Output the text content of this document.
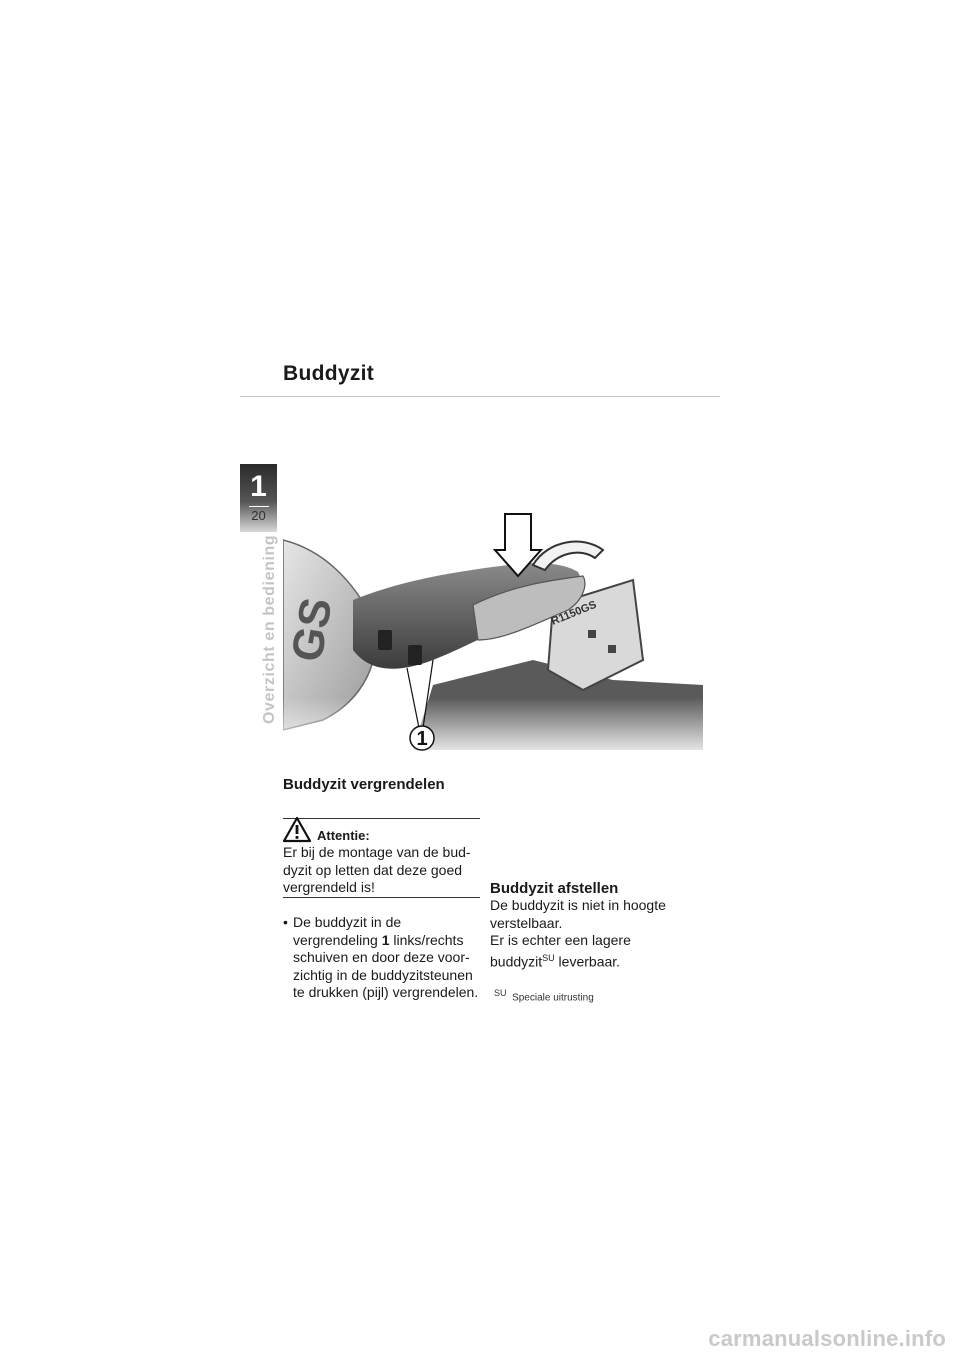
Buddyzit
1
20
Overzicht en bediening
1
Buddyzit vergrendelen
Attentie:
Er bij de montage van de bud-dyzit op letten dat deze goed vergrendeld is!
• De buddyzit in de vergrendeling 1 links/rechts schuiven en door deze voor-zichtig in de buddyzitsteunen te drukken (pijl) vergrendelen.
Buddyzit afstellen
De buddyzit is niet in hoogte verstelbaar.
Er is echter een lagere buddyzit$^{SU}$ leverbaar.
$^{SU}$ Speciale uitrusting
carmanualsonline.info
